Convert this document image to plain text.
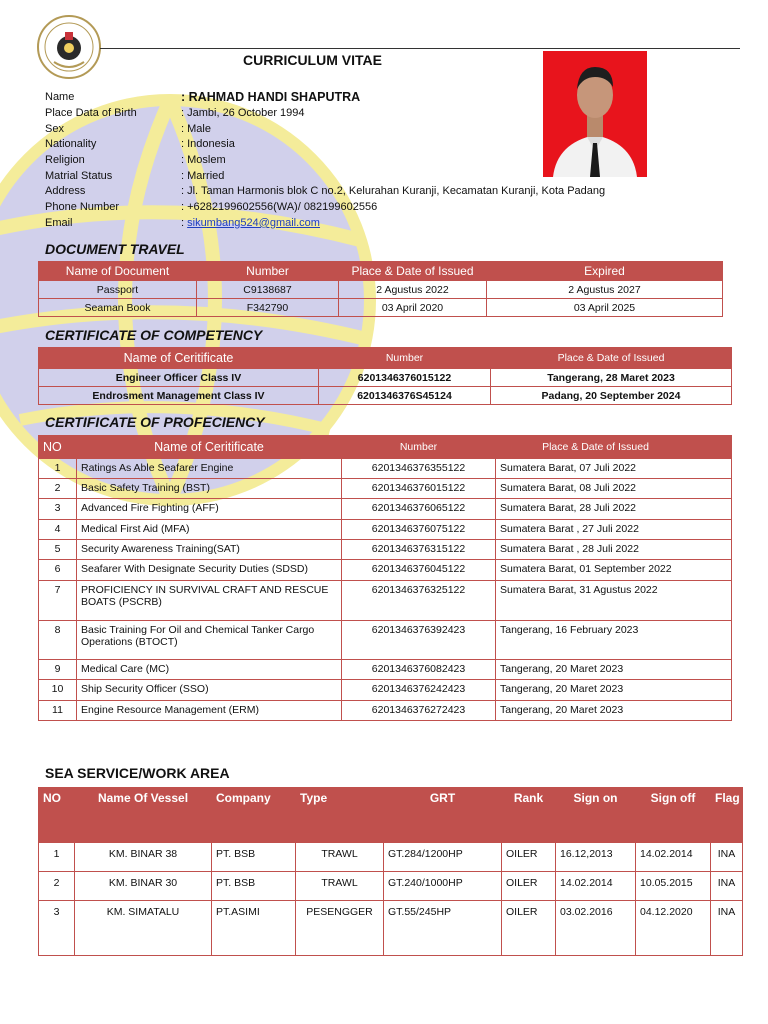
CURRICULUM VITAE
Name	: RAHMAD HANDI SHAPUTRA
Place Data of Birth	: Jambi, 26 October 1994
Sex	: Male
Nationality	: Indonesia
Religion	: Moslem
Matrial Status	: Married
Address	: Jl. Taman Harmonis blok C no.2, Kelurahan Kuranji, Kecamatan Kuranji, Kota Padang
Phone Number	: +6282199602556(WA)/ 082199602556
Email	: sikumbang524@gmail.com
DOCUMENT TRAVEL
Name of Document	Number	Place & Date of Issued	Expired
Passport	C9138687	2 Agustus 2022	2 Agustus 2027
Seaman Book	F342790	03 April 2020	03 April 2025
CERTIFICATE OF COMPETENCY
Name of Ceritificate	Number	Place & Date of Issued
Engineer Officer Class IV	6201346376015122	Tangerang, 28 Maret 2023
Endrosment Management Class IV	6201346376S45124	Padang, 20 September 2024
CERTIFICATE OF PROFECIENCY
NO	Name of Ceritificate	Number	Place & Date of Issued
1	Ratings As Able Seafarer Engine	6201346376355122	Sumatera Barat, 07 Juli 2022
2	Basic Safety Training (BST)	6201346376015122	Sumatera Barat, 08 Juli 2022
3	Advanced Fire Fighting (AFF)	6201346376065122	Sumatera Barat, 28 Juli 2022
4	Medical First Aid (MFA)	6201346376075122	Sumatera Barat , 27 Juli 2022
5	Security Awareness Training(SAT)	6201346376315122	Sumatera Barat , 28 Juli 2022
6	Seafarer With Designate Security Duties (SDSD)	6201346376045122	Sumatera Barat, 01 September 2022
7	PROFICIENCY IN SURVIVAL CRAFT AND RESCUE BOATS (PSCRB)	6201346376325122	Sumatera Barat, 31 Agustus 2022
8	Basic Training For Oil and Chemical Tanker Cargo Operations (BTOCT)	6201346376392423	Tangerang, 16 February 2023
9	Medical Care (MC)	6201346376082423	Tangerang, 20 Maret 2023
10	Ship Security Officer (SSO)	6201346376242423	Tangerang, 20 Maret 2023
11	Engine Resource Management (ERM)	6201346376272423	Tangerang, 20 Maret 2023
SEA SERVICE/WORK AREA
NO	Name Of Vessel	Company	Type	GRT	Rank	Sign on	Sign off	Flag
1	KM. BINAR 38	PT. BSB	TRAWL	GT.284/1200HP	OILER	16.12,2013	14.02.2014	INA
2	KM. BINAR 30	PT. BSB	TRAWL	GT.240/1000HP	OILER	14.02.2014	10.05.2015	INA
3	KM. SIMATALU	PT.ASIMI	PESENGGER	GT.55/245HP	OILER	03.02.2016	04.12.2020	INA
